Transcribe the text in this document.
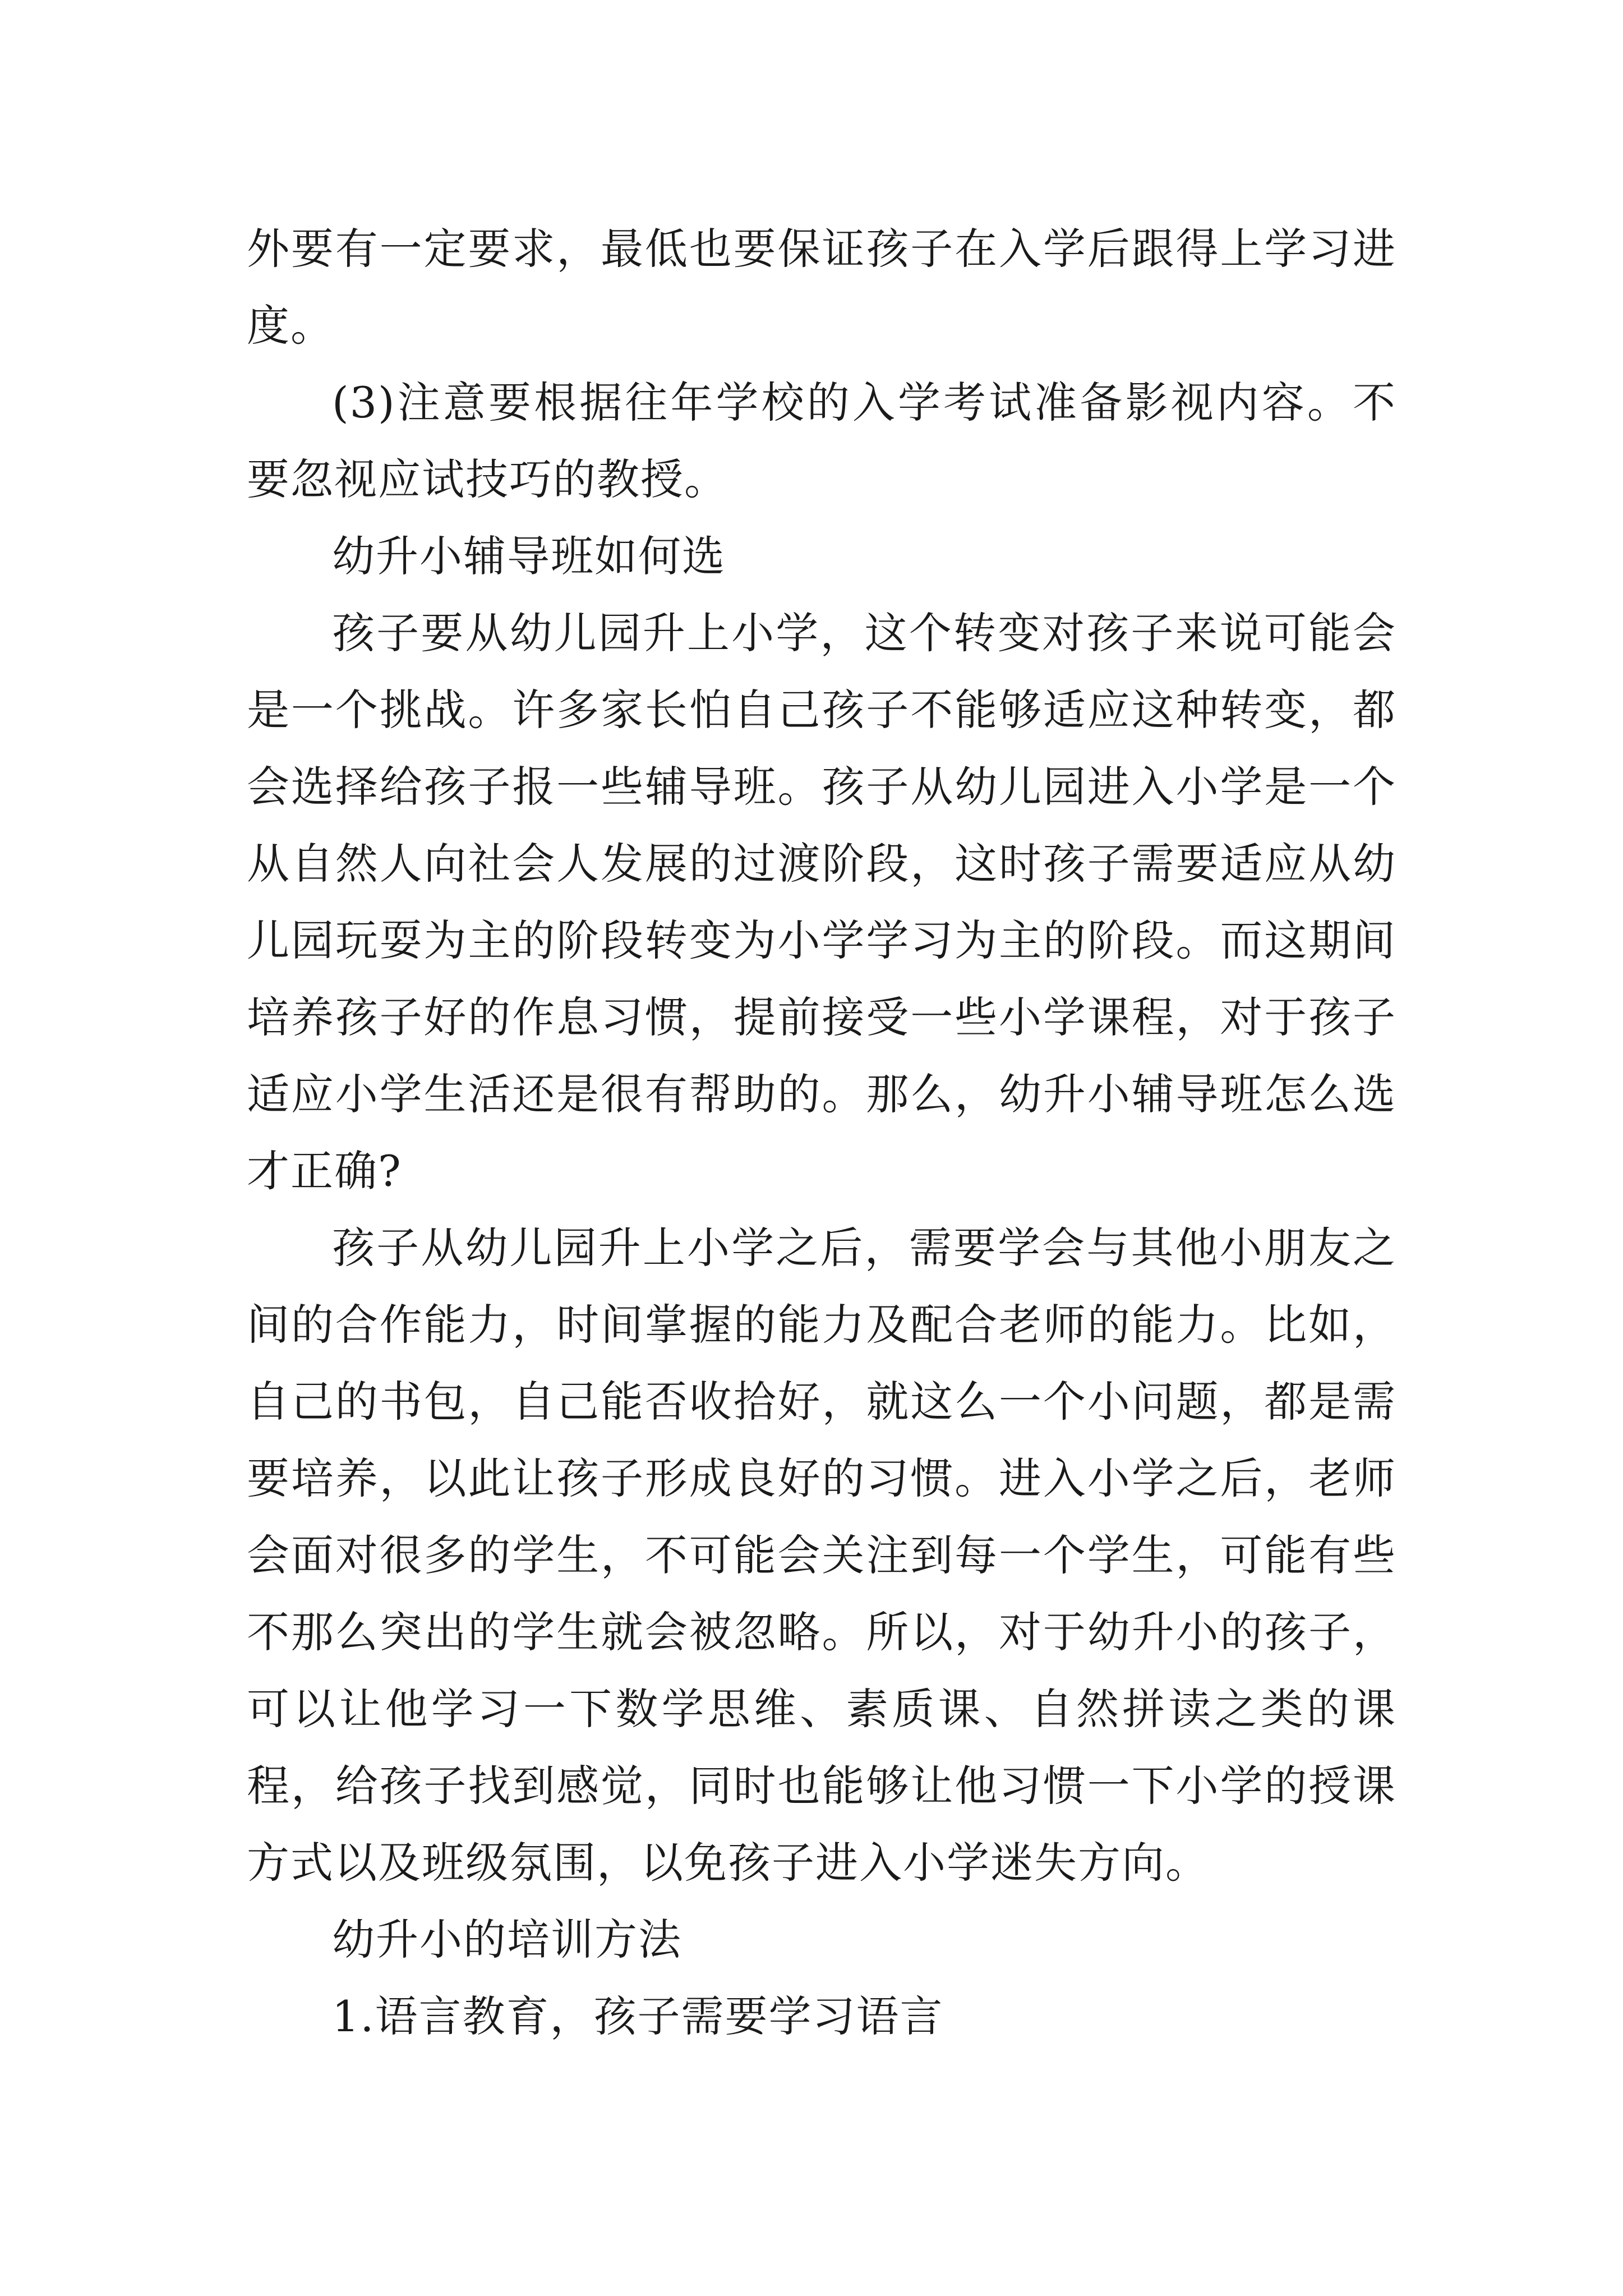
外要有一定要求，最低也要保证孩子在入学后跟得上学习进度。

(3)注意要根据往年学校的入学考试准备影视内容。不要忽视应试技巧的教授。

幼升小辅导班如何选

孩子要从幼儿园升上小学，这个转变对孩子来说可能会是一个挑战。许多家长怕自己孩子不能够适应这种转变，都会选择给孩子报一些辅导班。孩子从幼儿园进入小学是一个从自然人向社会人发展的过渡阶段，这时孩子需要适应从幼儿园玩耍为主的阶段转变为小学学习为主的阶段。而这期间培养孩子好的作息习惯，提前接受一些小学课程，对于孩子适应小学生活还是很有帮助的。那么，幼升小辅导班怎么选才正确?

孩子从幼儿园升上小学之后，需要学会与其他小朋友之间的合作能力，时间掌握的能力及配合老师的能力。比如，自己的书包，自己能否收拾好，就这么一个小问题，都是需要培养，以此让孩子形成良好的习惯。进入小学之后，老师会面对很多的学生，不可能会关注到每一个学生，可能有些不那么突出的学生就会被忽略。所以，对于幼升小的孩子，可以让他学习一下数学思维、素质课、自然拼读之类的课程，给孩子找到感觉，同时也能够让他习惯一下小学的授课方式以及班级氛围，以免孩子进入小学迷失方向。

幼升小的培训方法

1.语言教育，孩子需要学习语言
